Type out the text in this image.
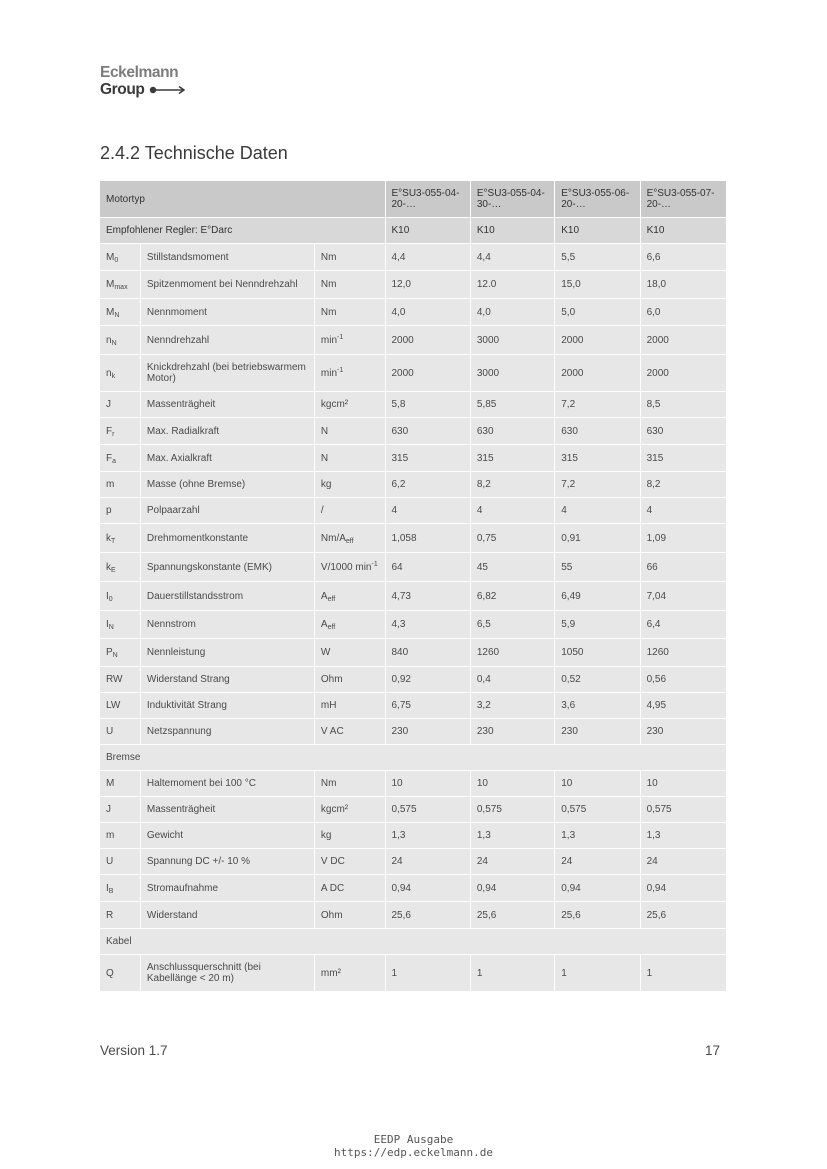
Eckelmann
Group
2.4.2 Technische Daten
Motortyp			E°SU3-055-04-20-…	E°SU3-055-04-30-…	E°SU3-055-06-20-…	E°SU3-055-07-20-…
Empfohlener Regler: E°Darc			K10	K10	K10	K10
$M_0$	Stillstandsmoment	Nm	4,4	4,4	5,5	6,6
$M_{max}$	Spitzenmoment bei Nenndrehzahl	Nm	12,0	12.0	15,0	18,0
$M_N$	Nennmoment	Nm	4,0	4,0	5,0	6,0
$n_N$	Nenndrehzahl	$\min^{-1}$	2000	3000	2000	2000
$n_k$	Knickdrehzahl (bei betriebswarmem Motor)	$\min^{-1}$	2000	3000	2000	2000
J	Massenträgheit	kgcm²	5,8	5,85	7,2	8,5
$F_r$	Max. Radialkraft	N	630	630	630	630
$F_a$	Max. Axialkraft	N	315	315	315	315
m	Masse (ohne Bremse)	kg	6,2	8,2	7,2	8,2
p	Polpaarzahl	/	4	4	4	4
$k_T$	Drehmomentkonstante	$Nm/A_{eff}$	1,058	0,75	0,91	1,09
$k_E$	Spannungskonstante (EMK)	V/1000 $\min^{-1}$	64	45	55	66
$I_0$	Dauerstillstandsstrom	$A_{eff}$	4,73	6,82	6,49	7,04
$I_N$	Nennstrom	$A_{eff}$	4,3	6,5	5,9	6,4
$P_N$	Nennleistung	W	840	1260	1050	1260
RW	Widerstand Strang	Ohm	0,92	0,4	0,52	0,56
LW	Induktivität Strang	mH	6,75	3,2	3,6	4,95
U	Netzspannung	V AC	230	230	230	230
Bremse						
M	Haltemoment bei 100 °C	Nm	10	10	10	10
J	Massenträgheit	kgcm²	0,575	0,575	0,575	0,575
m	Gewicht	kg	1,3	1,3	1,3	1,3
U	Spannung DC +/- 10 %	V DC	24	24	24	24
$I_B$	Stromaufnahme	A DC	0,94	0,94	0,94	0,94
R	Widerstand	Ohm	25,6	25,6	25,6	25,6
Kabel						
Q	Anschlussquerschnitt (bei Kabellänge < 20 m)	mm²	1	1	1	1
Version 1.7	17
EEDP Ausgabe
https://edp.eckelmann.de
